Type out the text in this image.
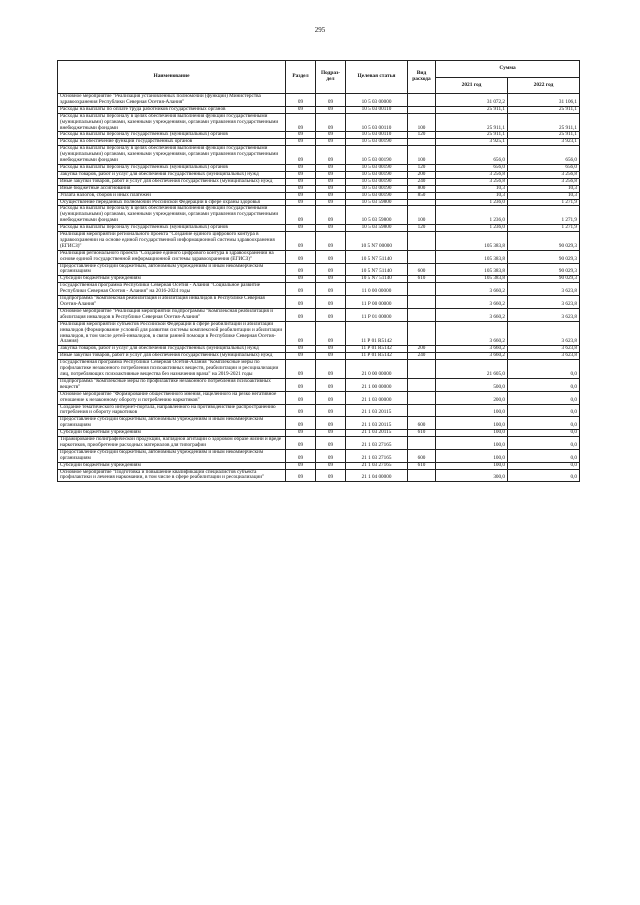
295
Наименование	Раздел	Подраз-
дел	Целевая статья	Вид
расхода	Сумма	
					2021 год	2022 год
Основное мероприятие "Реализация установленных полномочий (функций) Министерства здравоохранения Республики Северная Осетия-Алания"	09	09	10 5 03 00000		31 072,2	31 106,1
Расходы на выплаты по оплате труда работников государственных органов	09	09	10 5 03 00110		25 911,1	25 911,1
Расходы на выплаты персоналу в целях обеспечения выполнения функций государственными (муниципальными) органами, казенными учреждениями, органами управления государственными внебюджетными фондами	09	09	10 5 03 00110	100	25 911,1	25 911,1
Расходы на выплаты персоналу государственных (муниципальных) органов	09	09	10 5 03 00110	120	25 911,1	25 911,1
Расходы на обеспечение функций государственных органов	09	09	10 5 03 00190		3 925,1	3 923,1
Расходы на выплаты персоналу в целях обеспечения выполнения функций государственными (муниципальными) органами, казенными учреждениями, органами управления государственными внебюджетными фондами	09	09	10 5 03 00190	100	656,0	656,0
Расходы на выплаты персоналу государственных (муниципальных) органов	09	09	10 5 03 00190	120	656,0	656,0
Закупка товаров, работ и услуг для обеспечения государственных (муниципальных) нужд	09	09	10 5 03 00190	200	3 256,8	3 256,8
Иные закупки товаров, работ и услуг для обеспечения государственных (муниципальных) нужд	09	09	10 5 03 00190	240	3 256,8	3 256,8
Иные бюджетные ассигнования	09	09	10 5 03 00190	800	10,3	10,3
Уплата налогов, сборов и иных платежей	09	09	10 5 03 00190	850	10,3	10,3
Осуществление переданных полномочий Российской Федерации в сфере охраны здоровья	09	09	10 5 03 59800		1 236,0	1 271,9
Расходы на выплаты персоналу в целях обеспечения выполнения функций государственными (муниципальными) органами, казенными учреждениями, органами управления государственными внебюджетными фондами	09	09	10 5 03 59800	100	1 236,0	1 271,9
Расходы на выплаты персоналу государственных (муниципальных) органов	09	09	10 5 03 59800	120	1 236,0	1 271,9
Реализация мероприятий регионального проекта "Создание единого цифрового контура в здравоохранении на основе единой государственной информационной системы здравоохранения (ЕГИСЗ)"	09	09	10 5 N7 00000		105 383,8	90 029,3
Реализация регионального проекта "Создание единого цифрового контура в здравоохранении на основе единой государственной информационной системы здравоохранения (ЕГИСЗ)"	09	09	10 5 N7 51140		105 383,8	90 029,3
Предоставление субсидий бюджетным, автономным учреждениям и иным некоммерческим организациям	09	09	10 5 N7 51140	600	105 383,8	90 029,3
Субсидии бюджетным учреждениям	09	09	10 5 N7 51140	610	105 383,8	90 029,3
Государственная программа Республики Северная Осетия - Алания "Социальное развитие Республики Северная Осетия - Алания" на 2016-2024 годы	09	09	11 0 00 00000		3 660,2	3 623,8
Подпрограмма "Комплексная реабилитация и абилитация инвалидов в Республике Северная Осетия-Алания"	09	09	11 Р 00 00000		3 660,2	3 623,8
Основное мероприятие "Реализация мероприятий подпрограммы "Комплексная реабилитация и абилитация инвалидов в Республике Северная Осетия-Алания"	09	09	11 Р 01 00000		3 660,2	3 623,8
Реализация мероприятий субъектов Российской Федерации в сфере реабилитации и абилитации инвалидов (Формирование условий для развития системы комплексной реабилитации и абилитации инвалидов, в том числе детей-инвалидов, в связи ранней помощи в Республике Северная Осетия-Алания)	09	09	11 Р 01 R5142		3 660,2	3 623,8
Закупка товаров, работ и услуг для обеспечения государственных (муниципальных) нужд	09	09	11 Р 01 R5142	200	3 660,2	3 623,8
Иные закупки товаров, работ и услуг для обеспечения государственных (муниципальных) нужд	09	09	11 Р 01 R5142	240	3 660,2	3 623,8
Государственная программа Республики Северная Осетия-Алания "Комплексные меры по профилактике незаконного потребления психоактивных веществ, реабилитации и ресоциализации лиц, потребляющих психоактивные вещества без назначения врача" на 2019-2021 годы	09	09	21 0 00 00000		21 605,0	0,0
Подпрограмма "Комплексные меры по профилактике незаконного потребления психоактивных веществ"	09	09	21 1 00 00000		500,0	0,0
Основное мероприятие "Формирование общественного мнения, нацеленного на резко негативное отношение к незаконному обороту и потреблению наркотиков"	09	09	21 1 03 00000		200,0	0,0
Создание тематического интернет-портала, направленного на противодействие распространению потребления и обороту наркотиков	09	09	21 1 03 20115		100,0	0,0
Предоставление субсидий бюджетным, автономным учреждениям и иным некоммерческим организациям	09	09	21 1 03 20115	600	100,0	0,0
Субсидии бюджетным учреждениям	09	09	21 1 03 20115	610	100,0	0,0
Тиражирование полиграфической продукции, наглядной агитации о здоровом образе жизни и вреде наркотиков, приобретение расходных материалов для типографии	09	09	21 1 03 27165		100,0	0,0
Предоставление субсидий бюджетным, автономным учреждениям и иным некоммерческим организациям	09	09	21 1 03 27165	600	100,0	0,0
Субсидии бюджетным учреждениям	09	09	21 1 03 27165	610	100,0	0,0
Основное мероприятие "Подготовка и повышение квалификации специалистов субъекта профилактики и лечения наркомании, в том числе в сфере реабилитации и ресоциализации"	09	09	21 1 04 00000		300,0	0,0
